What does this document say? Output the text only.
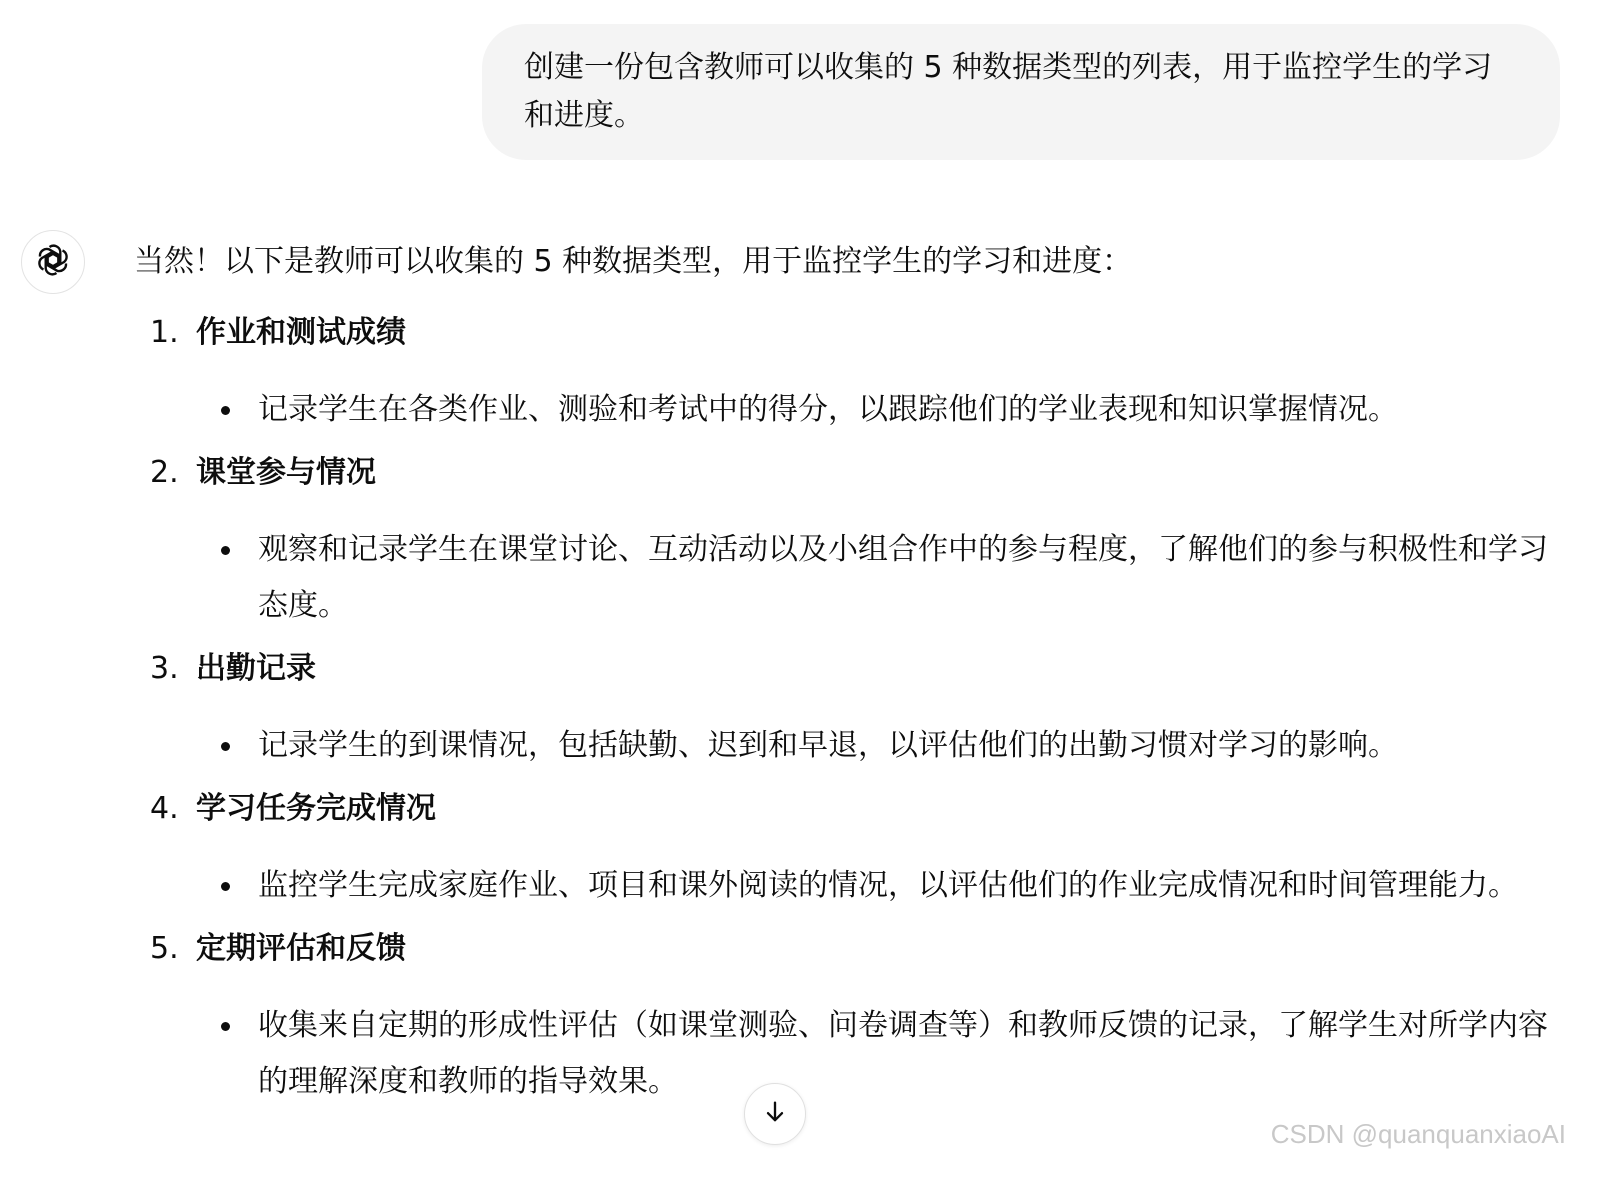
创建一份包含教师可以收集的 5 种数据类型的列表，用于监控学生的学习和进度。

当然！以下是教师可以收集的 5 种数据类型，用于监控学生的学习和进度：

1. 作业和测试成绩
记录学生在各类作业、测验和考试中的得分，以跟踪他们的学业表现和知识掌握情况。
2. 课堂参与情况
观察和记录学生在课堂讨论、互动活动以及小组合作中的参与程度，了解他们的参与积极性和学习态度。
3. 出勤记录
记录学生的到课情况，包括缺勤、迟到和早退，以评估他们的出勤习惯对学习的影响。
4. 学习任务完成情况
监控学生完成家庭作业、项目和课外阅读的情况，以评估他们的作业完成情况和时间管理能力。
5. 定期评估和反馈
收集来自定期的形成性评估（如课堂测验、问卷调查等）和教师反馈的记录，了解学生对所学内容的理解深度和教师的指导效果。
CSDN @quanquanxiaoAI
